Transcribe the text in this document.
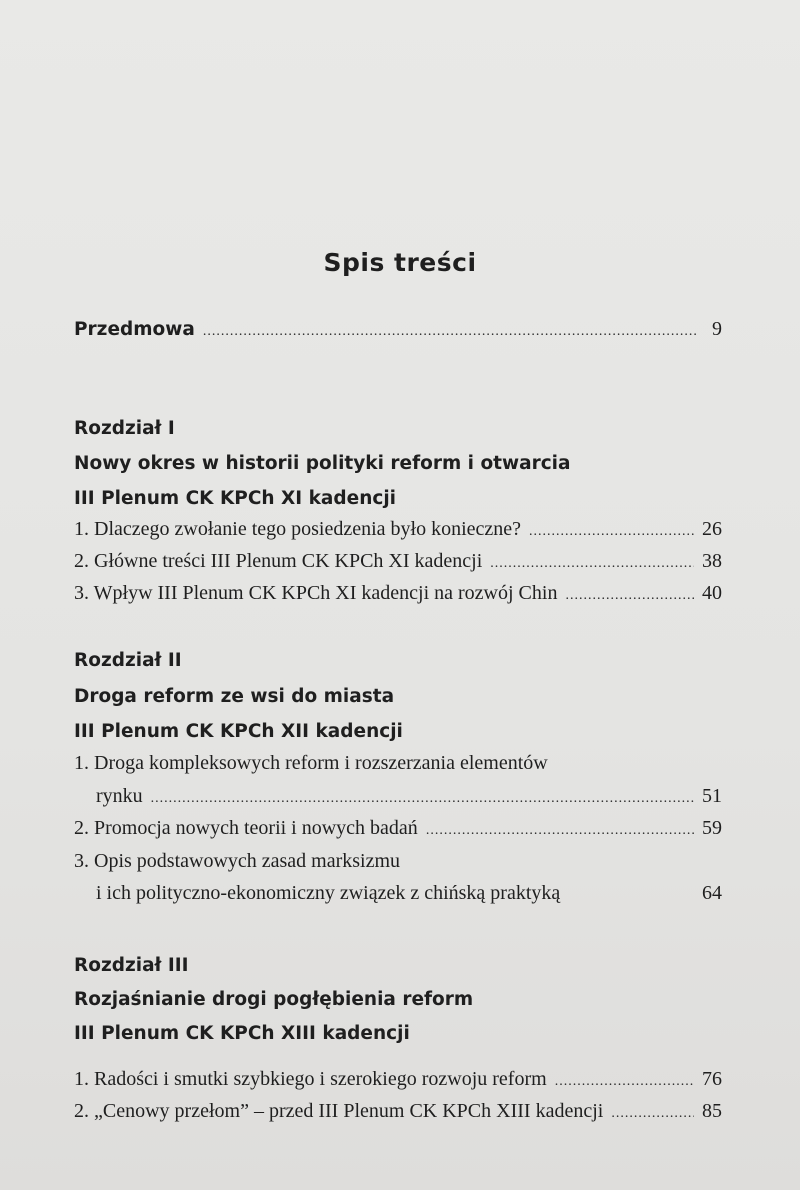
Spis treści
Przedmowa .....	9
Rozdział I
Nowy okres w historii polityki reform i otwarcia
III Plenum CK KPCh XI kadencji
1. Dlaczego zwołanie tego posiedzenia było konieczne? .....	26
2. Główne treści III Plenum CK KPCh XI kadencji .....	38
3. Wpływ III Plenum CK KPCh XI kadencji na rozwój Chin .....	40
Rozdział II
Droga reform ze wsi do miasta
III Plenum CK KPCh XII kadencji
1. Droga kompleksowych reform i rozszerzania elementów
rynku .....	51
2. Promocja nowych teorii i nowych badań .....	59
3. Opis podstawowych zasad marksizmu
i ich polityczno-ekonomiczny związek z chińską praktyką	64
Rozdział III
Rozjaśnianie drogi pogłębienia reform
III Plenum CK KPCh XIII kadencji
1. Radości i smutki szybkiego i szerokiego rozwoju reform .....	76
2. „Cenowy przełom” – przed III Plenum CK KPCh XIII kadencji .....	85
